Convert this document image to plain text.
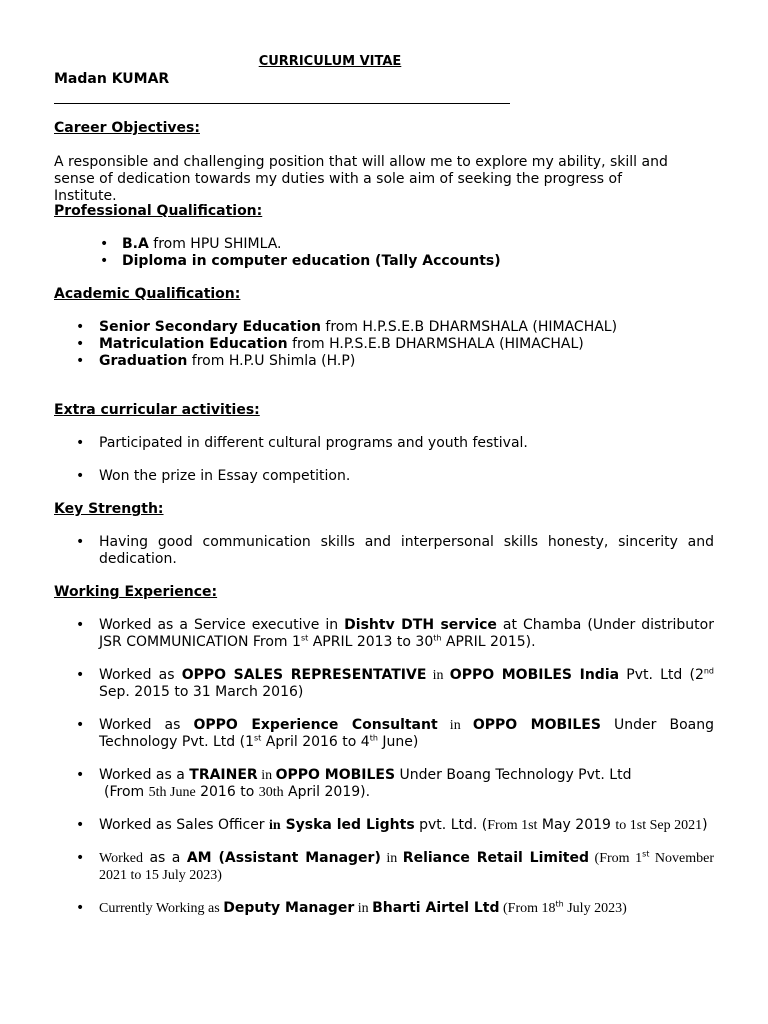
CURRICULUM VITAE
Madan KUMAR
Career Objectives:
A responsible and challenging position that will allow me to explore my ability, skill and sense of dedication towards my duties with a sole aim of seeking the progress of Institute.
Professional Qualification:
• B.A from HPU SHIMLA.
• Diploma in computer education (Tally Accounts)
Academic Qualification:
• Senior Secondary Education from H.P.S.E.B DHARMSHALA (HIMACHAL)
• Matriculation Education from H.P.S.E.B DHARMSHALA (HIMACHAL)
• Graduation from H.P.U Shimla (H.P)
Extra curricular activities:
• Participated in different cultural programs and youth festival.
• Won the prize in Essay competition.
Key Strength:
• Having good communication skills and interpersonal skills honesty, sincerity and dedication.
Working Experience:
• Worked as a Service executive in Dishtv DTH service at Chamba (Under distributor JSR COMMUNICATION From 1st APRIL 2013 to 30th APRIL 2015).
• Worked as OPPO SALES REPRESENTATIVE in OPPO MOBILES India Pvt. Ltd (2nd Sep. 2015 to 31 March 2016)
• Worked as OPPO Experience Consultant in OPPO MOBILES Under Boang Technology Pvt. Ltd (1st April 2016 to 4th June)
• Worked as a TRAINER in OPPO MOBILES Under Boang Technology Pvt. Ltd
(From 5th June 2016 to 30th April 2019).
• Worked as Sales Officer in Syska led Lights pvt. Ltd. (From 1st May 2019 to 1st Sep 2021)
• Worked as a AM (Assistant Manager) in Reliance Retail Limited (From 1st November 2021 to 15 July 2023)
• Currently Working as Deputy Manager in Bharti Airtel Ltd (From 18th July 2023)
